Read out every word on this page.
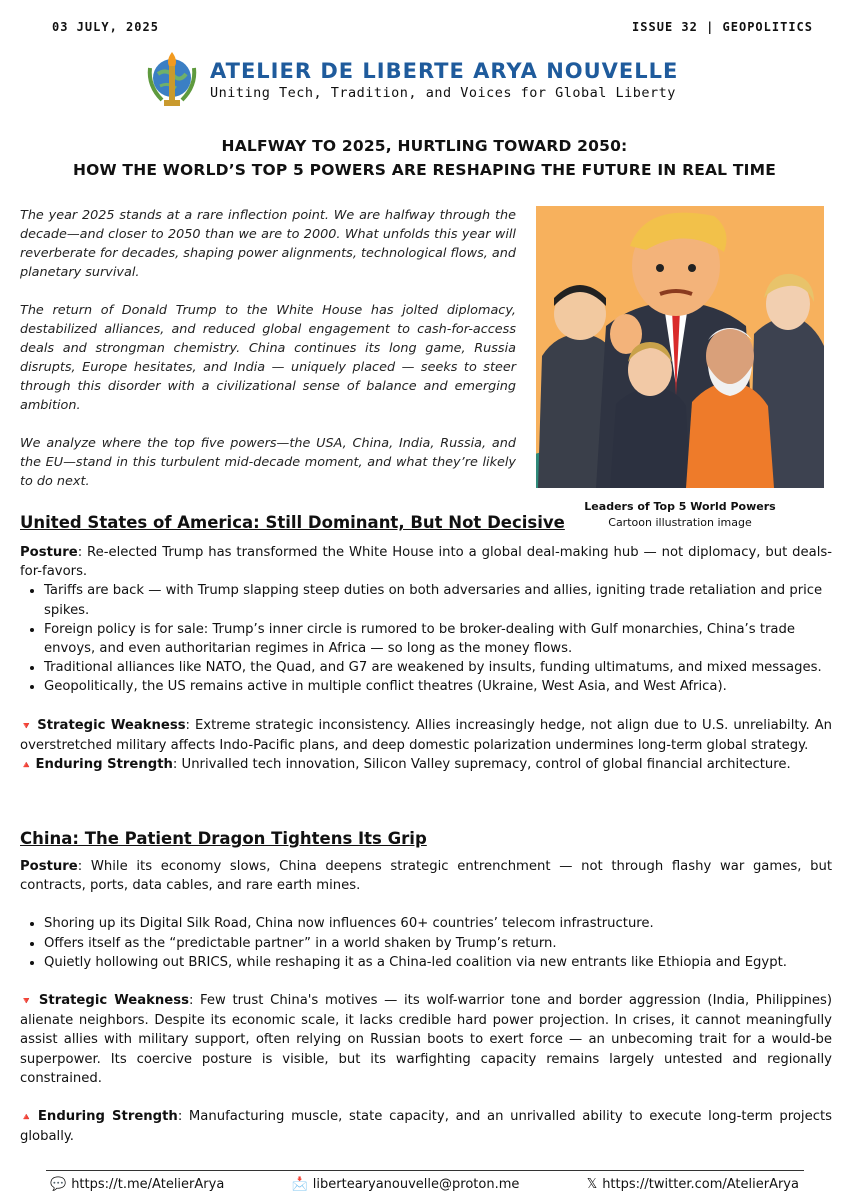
03 JULY, 2025	ISSUE 32 | GEOPOLITICS
ATELIER DE LIBERTE ARYA NOUVELLE
Uniting Tech, Tradition, and Voices for Global Liberty
HALFWAY TO 2025, HURTLING TOWARD 2050:
HOW THE WORLD’S TOP 5 POWERS ARE RESHAPING THE FUTURE IN REAL TIME

The year 2025 stands at a rare inflection point. We are halfway through the decade—and closer to 2050 than we are to 2000. What unfolds this year will reverberate for decades, shaping power alignments, technological flows, and planetary survival.

The return of Donald Trump to the White House has jolted diplomacy, destabilized alliances, and reduced global engagement to cash-for-access deals and strongman chemistry. China continues its long game, Russia disrupts, Europe hesitates, and India — uniquely placed — seeks to steer through this disorder with a civilizational sense of balance and emerging ambition.

We analyze where the top five powers—the USA, China, India, Russia, and the EU—stand in this turbulent mid-decade moment, and what they’re likely to do next.

Leaders of Top 5 World Powers
Cartoon illustration image
United States of America: Still Dominant, But Not Decisive

Posture: Re-elected Trump has transformed the White House into a global deal-making hub — not diplomacy, but deals-for-favors.

• Tariffs are back — with Trump slapping steep duties on both adversaries and allies, igniting trade retaliation and price spikes.
• Foreign policy is for sale: Trump’s inner circle is rumored to be broker-dealing with Gulf monarchies, China’s trade envoys, and even authoritarian regimes in Africa — so long as the money flows.
• Traditional alliances like NATO, the Quad, and G7 are weakened by insults, funding ultimatums, and mixed messages.
• Geopolitically, the US remains active in multiple conflict theatres (Ukraine, West Asia, and West Africa).

🔻 Strategic Weakness: Extreme strategic inconsistency. Allies increasingly hedge, not align due to U.S. unreliabilty. An overstretched military affects Indo-Pacific plans, and deep domestic polarization undermines long-term global strategy.

🔺 Enduring Strength: Unrivalled tech innovation, Silicon Valley supremacy, control of global financial architecture.

China: The Patient Dragon Tightens Its Grip

Posture: While its economy slows, China deepens strategic entrenchment — not through flashy war games, but contracts, ports, data cables, and rare earth mines.

• Shoring up its Digital Silk Road, China now influences 60+ countries’ telecom infrastructure.
• Offers itself as the “predictable partner” in a world shaken by Trump’s return.
• Quietly hollowing out BRICS, while reshaping it as a China-led coalition via new entrants like Ethiopia and Egypt.

🔻 Strategic Weakness: Few trust China's motives — its wolf-warrior tone and border aggression (India, Philippines) alienate neighbors. Despite its economic scale, it lacks credible hard power projection. In crises, it cannot meaningfully assist allies with military support, often relying on Russian boots to exert force — an unbecoming trait for a would-be superpower. Its coercive posture is visible, but its warfighting capacity remains largely untested and regionally constrained.

🔺 Enduring Strength: Manufacturing muscle, state capacity, and an unrivalled ability to execute long-term projects globally.

💬 https://t.me/AtelierArya	📩 libertearyanouvelle@proton.me	𝕏 https://twitter.com/AtelierArya
